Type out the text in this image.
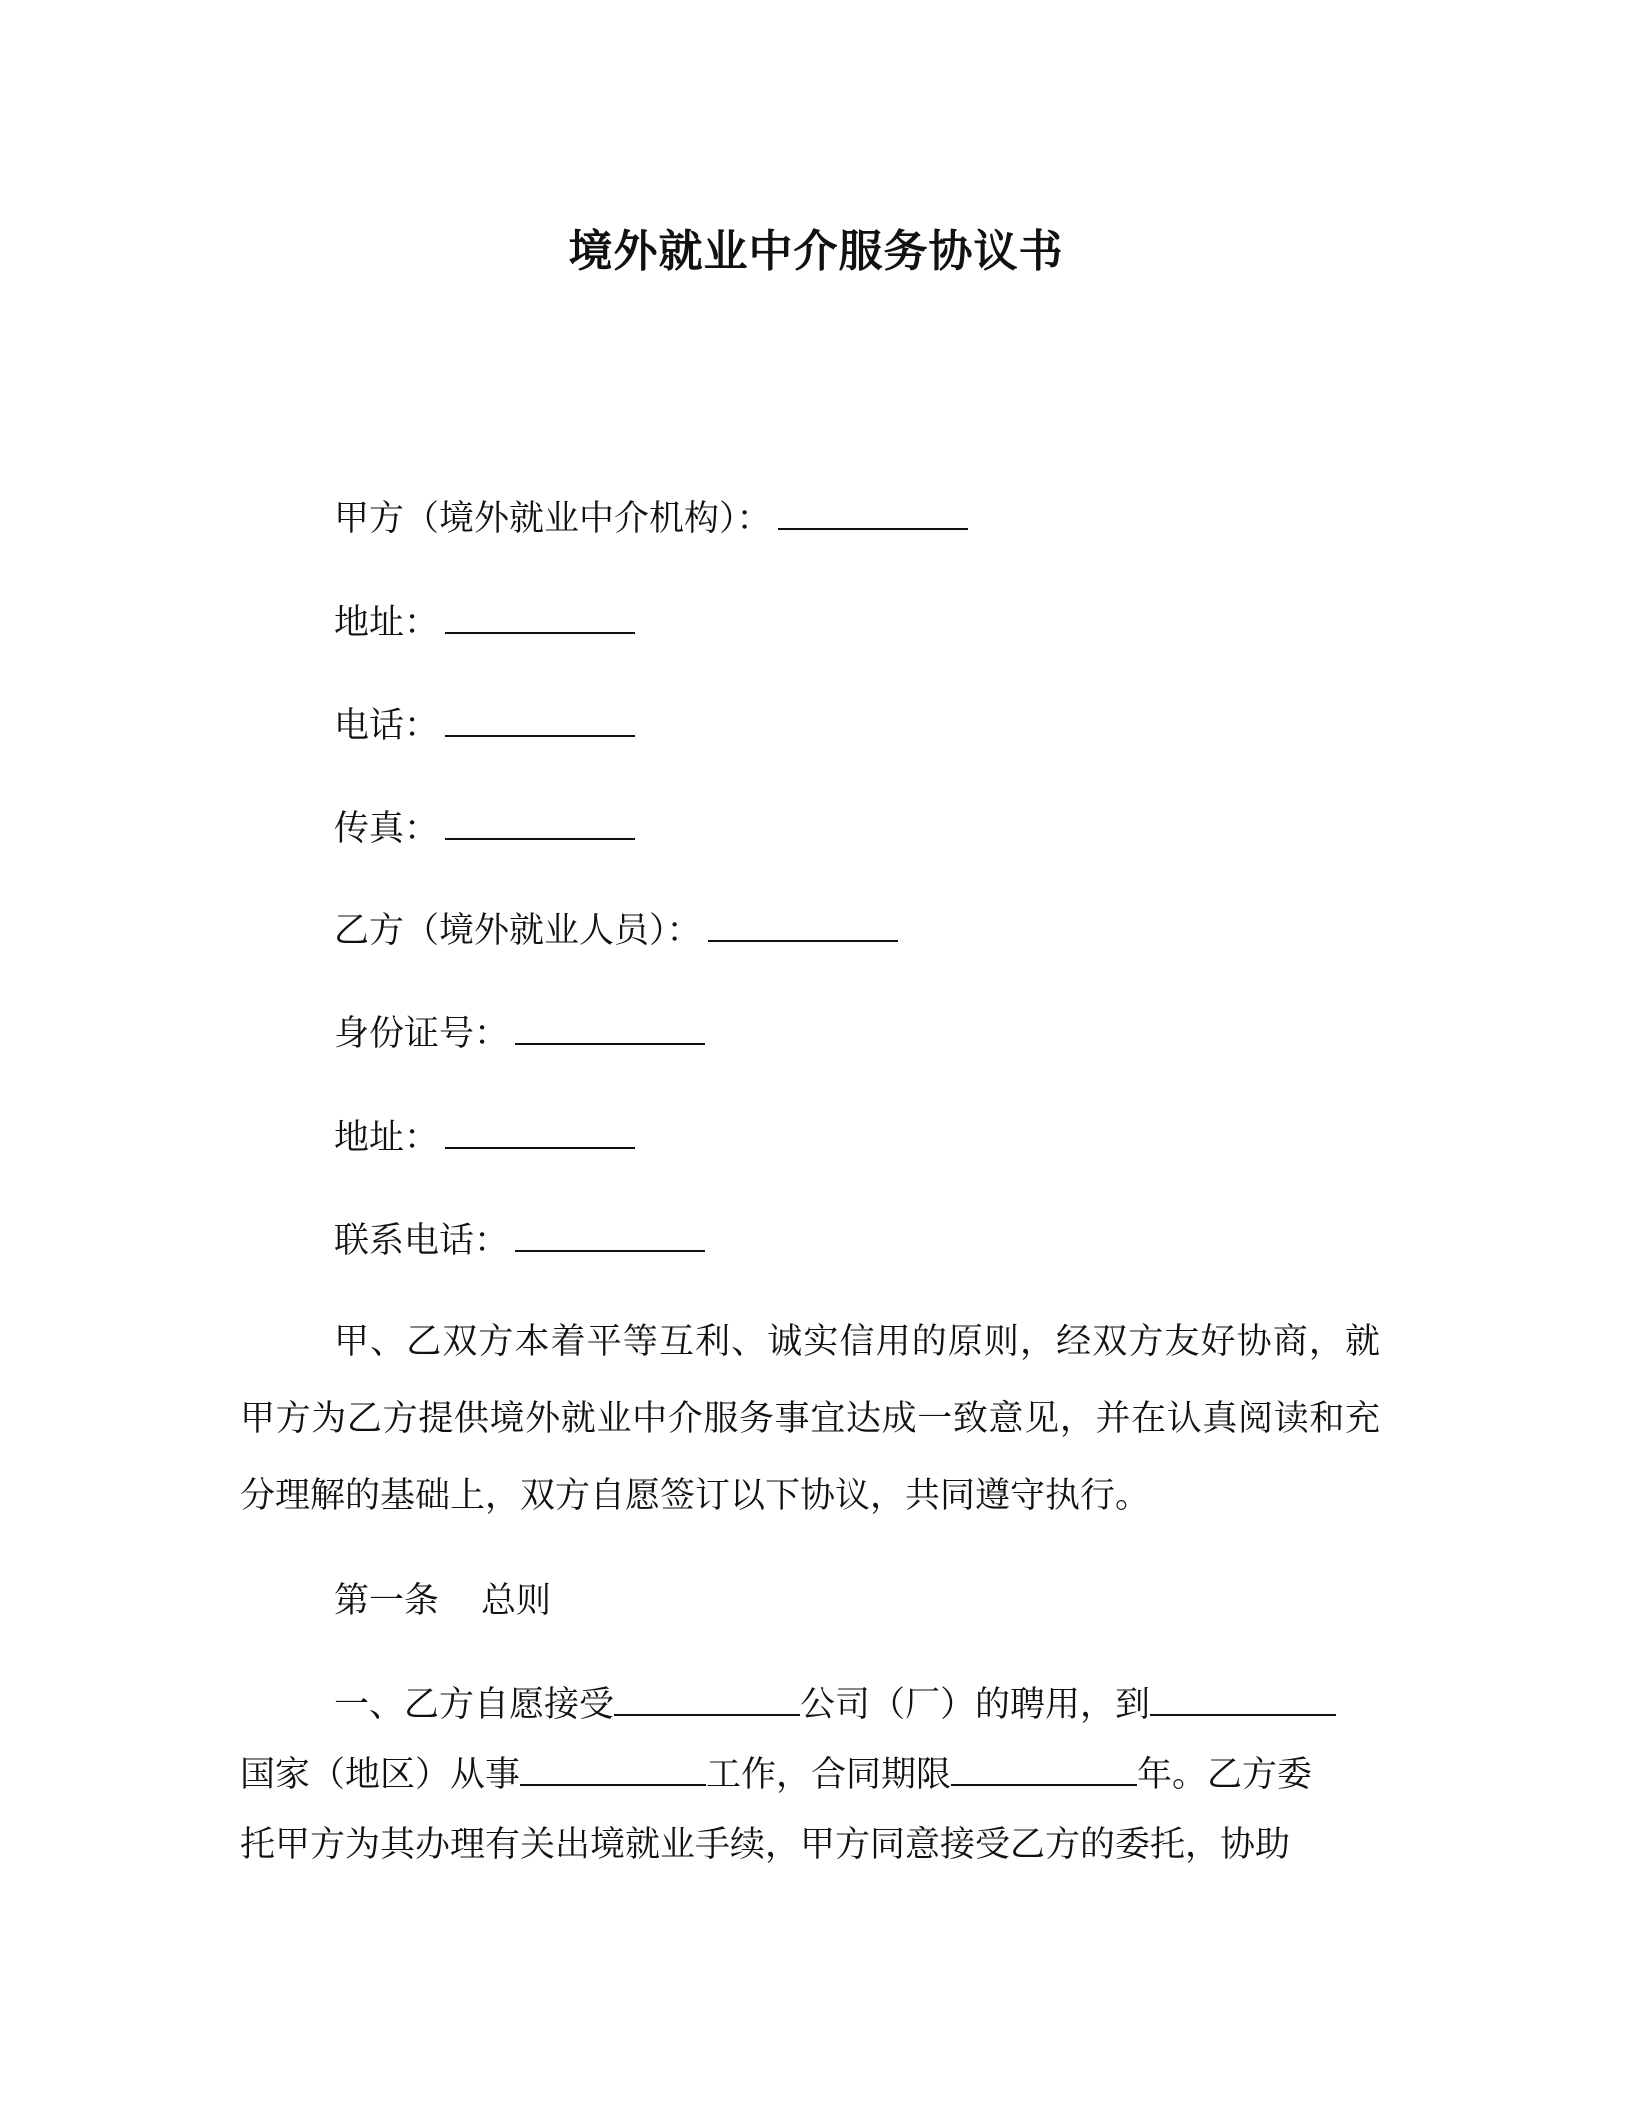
境外就业中介服务协议书
甲方（境外就业中介机构）：
地址：
电话：
传真：
乙方（境外就业人员）：
身份证号：
地址：
联系电话：
甲、乙双方本着平等互利、诚实信用的原则，经双方友好协商，就甲方为乙方提供境外就业中介服务事宜达成一致意见，并在认真阅读和充分理解的基础上，双方自愿签订以下协议，共同遵守执行。
第一条 总则
一、乙方自愿接受	公司（厂）的聘用，到
国家（地区）从事	工作，合同期限	年。乙方委
托甲方为其办理有关出境就业手续，甲方同意接受乙方的委托，协助
